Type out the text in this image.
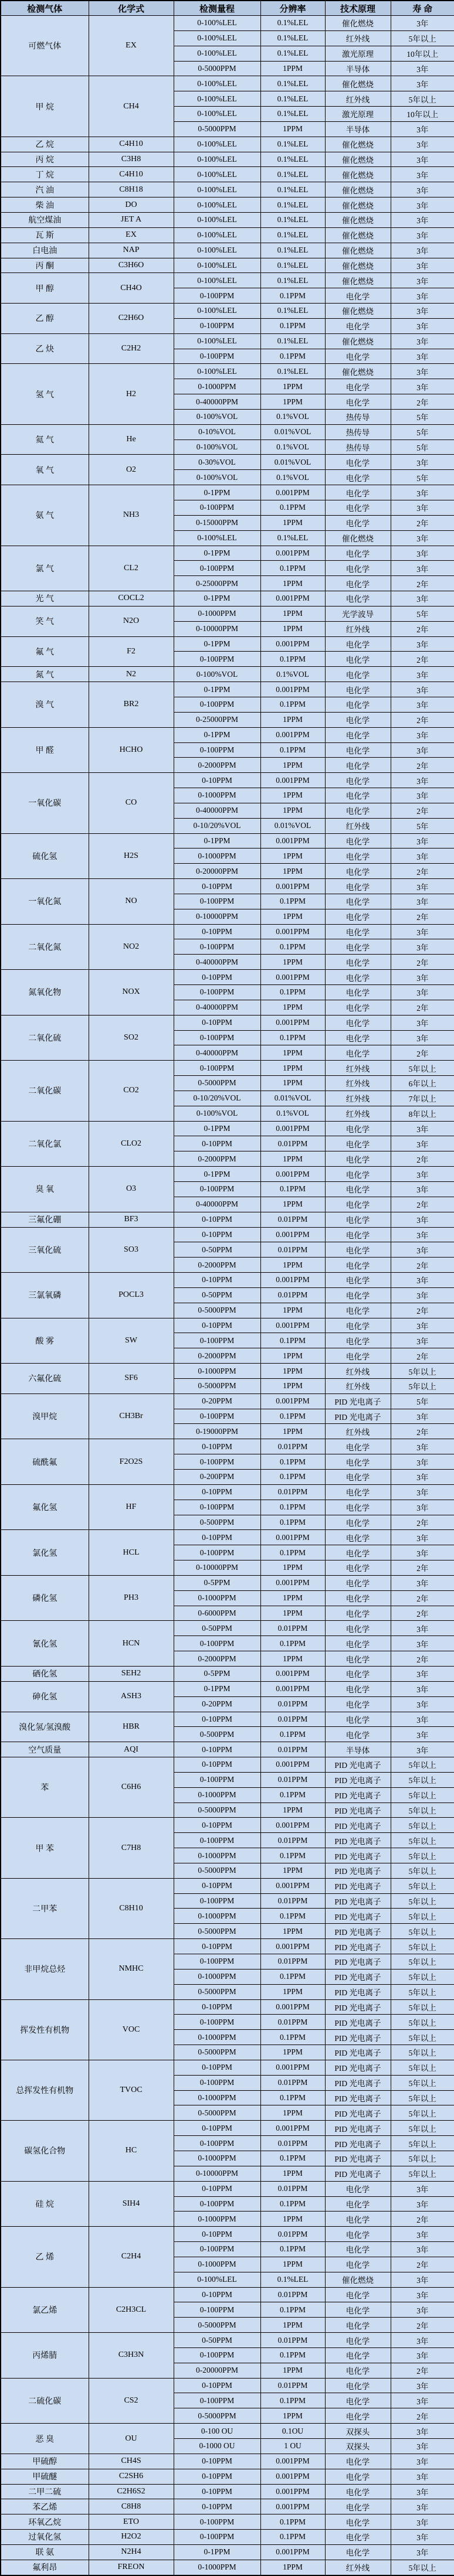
检测气体	化学式	检测量程	分辨率	技术原理	寿 命
可燃气体	EX	0-100%LEL	0.1%LEL	催化燃烧	3年
		0-100%LEL	0.1%LEL	红外线	5年以上
		0-100%LEL	0.1%LEL	激光原理	10年以上
		0-5000PPM	1PPM	半导体	3年
甲 烷	CH4	0-100%LEL	0.1%LEL	催化燃烧	3年
		0-100%LEL	0.1%LEL	红外线	5年以上
		0-100%LEL	0.1%LEL	激光原理	10年以上
		0-5000PPM	1PPM	半导体	3年
乙 烷	C4H10	0-100%LEL	0.1%LEL	催化燃烧	3年
丙 烷	C3H8	0-100%LEL	0.1%LEL	催化燃烧	3年
丁 烷	C4H10	0-100%LEL	0.1%LEL	催化燃烧	3年
汽 油	C8H18	0-100%LEL	0.1%LEL	催化燃烧	3年
柴 油	DO	0-100%LEL	0.1%LEL	催化燃烧	3年
航空煤油	JET A	0-100%LEL	0.1%LEL	催化燃烧	3年
瓦 斯	EX	0-100%LEL	0.1%LEL	催化燃烧	3年
白电油	NAP	0-100%LEL	0.1%LEL	催化燃烧	3年
丙 酮	C3H6O	0-100%LEL	0.1%LEL	催化燃烧	3年
甲 醇	CH4O	0-100%LEL	0.1%LEL	催化燃烧	3年
		0-100PPM	0.1PPM	电化学	3年
乙 醇	C2H6O	0-100%LEL	0.1%LEL	催化燃烧	3年
		0-100PPM	0.1PPM	电化学	3年
乙 炔	C2H2	0-100%LEL	0.1%LEL	催化燃烧	3年
		0-100PPM	0.1PPM	电化学	3年
氢 气	H2	0-100%LEL	0.1%LEL	催化燃烧	3年
		0-1000PPM	1PPM	电化学	3年
		0-40000PPM	1PPM	电化学	2年
		0-100%VOL	0.1%VOL	热传导	5年
氦 气	He	0-10%VOL	0.01%VOL	热传导	5年
		0-100%VOL	0.1%VOL	热传导	5年
氧 气	O2	0-30%VOL	0.01%VOL	电化学	3年
		0-100%VOL	0.1%VOL	电化学	5年
氨 气	NH3	0-1PPM	0.001PPM	电化学	3年
		0-100PPM	0.1PPM	电化学	3年
		0-15000PPM	1PPM	电化学	2年
		0-100%LEL	0.1%LEL	催化燃烧	3年
氯 气	CL2	0-1PPM	0.001PPM	电化学	3年
		0-100PPM	0.1PPM	电化学	3年
		0-25000PPM	1PPM	电化学	2年
光 气	COCL2	0-1PPM	0.001PPM	电化学	3年
笑 气	N2O	0-1000PPM	1PPM	光学波导	5年
		0-10000PPM	1PPM	红外线	2年
氟 气	F2	0-1PPM	0.001PPM	电化学	3年
		0-100PPM	0.1PPM	电化学	2年
氮 气	N2	0-100%VOL	0.1%VOL	电化学	3年
溴 气	BR2	0-1PPM	0.001PPM	电化学	3年
		0-100PPM	0.1PPM	电化学	3年
		0-25000PPM	1PPM	电化学	2年
甲 醛	HCHO	0-1PPM	0.001PPM	电化学	3年
		0-100PPM	0.1PPM	电化学	3年
		0-2000PPM	1PPM	电化学	2年
一氧化碳	CO	0-10PPM	0.001PPM	电化学	3年
		0-1000PPM	1PPM	电化学	3年
		0-40000PPM	1PPM	电化学	2年
		0-10/20%VOL	0.01%VOL	红外线	5年
硫化氢	H2S	0-1PPM	0.001PPM	电化学	3年
		0-1000PPM	1PPM	电化学	3年
		0-20000PPM	1PPM	电化学	2年
一氧化氮	NO	0-10PPM	0.001PPM	电化学	3年
		0-100PPM	0.1PPM	电化学	3年
		0-10000PPM	1PPM	电化学	2年
二氧化氮	NO2	0-10PPM	0.001PPM	电化学	3年
		0-100PPM	0.1PPM	电化学	3年
		0-40000PPM	1PPM	电化学	2年
氮氧化物	NOX	0-10PPM	0.001PPM	电化学	3年
		0-100PPM	0.1PPM	电化学	3年
		0-40000PPM	1PPM	电化学	2年
二氧化硫	SO2	0-10PPM	0.001PPM	电化学	3年
		0-100PPM	0.1PPM	电化学	3年
		0-40000PPM	1PPM	电化学	2年
二氧化碳	CO2	0-100PPM	1PPM	红外线	5年以上
		0-5000PPM	1PPM	红外线	6年以上
		0-10/20%VOL	0.01%VOL	红外线	7年以上
		0-100%VOL	0.1%VOL	红外线	8年以上
二氧化氯	CLO2	0-1PPM	0.001PPM	电化学	3年
		0-10PPM	0.01PPM	电化学	3年
		0-2000PPM	1PPM	电化学	2年
臭 氧	O3	0-1PPM	0.001PPM	电化学	3年
		0-100PPM	0.1PPM	电化学	3年
		0-40000PPM	1PPM	电化学	2年
三氟化硼	BF3	0-10PPM	0.01PPM	电化学	3年
三氧化硫	SO3	0-10PPM	0.001PPM	电化学	3年
		0-50PPM	0.01PPM	电化学	3年
		0-2000PPM	1PPM	电化学	2年
三氯氧磷	POCL3	0-10PPM	0.001PPM	电化学	3年
		0-50PPM	0.01PPM	电化学	3年
		0-5000PPM	1PPM	电化学	2年
酸 雾	SW	0-10PPM	0.001PPM	电化学	3年
		0-100PPM	0.1PPM	电化学	3年
		0-2000PPM	1PPM	电化学	2年
六氟化硫	SF6	0-1000PPM	1PPM	红外线	5年以上
		0-5000PPM	1PPM	红外线	5年以上
溴甲烷	CH3Br	0-20PPM	0.001PPM	PID 光电离子	5年
		0-100PPM	0.1PPM	PID 光电离子	3年
		0-19000PPM	1PPM	红外线	2年
硫酰氟	F2O2S	0-10PPM	0.01PPM	电化学	3年
		0-100PPM	0.1PPM	电化学	3年
		0-200PPM	0.1PPM	电化学	3年
氟化氢	HF	0-10PPM	0.01PPM	电化学	3年
		0-100PPM	0.1PPM	电化学	3年
		0-500PPM	0.1PPM	电化学	2年
氯化氢	HCL	0-10PPM	0.001PPM	电化学	3年
		0-100PPM	0.1PPM	电化学	3年
		0-10000PPM	1PPM	电化学	2年
磷化氢	PH3	0-5PPM	0.001PPM	电化学	3年
		0-1000PPM	1PPM	电化学	2年
		0-6000PPM	1PPM	电化学	2年
氰化氢	HCN	0-50PPM	0.01PPM	电化学	3年
		0-100PPM	0.1PPM	电化学	3年
		0-2000PPM	1PPM	电化学	2年
硒化氢	SEH2	0-5PPM	0.001PPM	电化学	3年
砷化氢	ASH3	0-1PPM	0.001PPM	电化学	3年
		0-20PPM	0.01PPM	电化学	3年
溴化氢/氢溴酸	HBR	0-10PPM	0.01PPM	电化学	3年
		0-500PPM	0.1PPM	电化学	3年
空气质量	AQI	0-10PPM	0.01PPM	半导体	3年
苯	C6H6	0-10PPM	0.001PPM	PID 光电离子	5年以上
		0-100PPM	0.01PPM	PID 光电离子	5年以上
		0-1000PPM	0.1PPM	PID 光电离子	5年以上
		0-5000PPM	1PPM	PID 光电离子	5年以上
甲 苯	C7H8	0-10PPM	0.001PPM	PID 光电离子	5年以上
		0-100PPM	0.01PPM	PID 光电离子	5年以上
		0-1000PPM	0.1PPM	PID 光电离子	5年以上
		0-5000PPM	1PPM	PID 光电离子	5年以上
二甲苯	C8H10	0-10PPM	0.001PPM	PID 光电离子	5年以上
		0-100PPM	0.01PPM	PID 光电离子	5年以上
		0-1000PPM	0.1PPM	PID 光电离子	5年以上
		0-5000PPM	1PPM	PID 光电离子	5年以上
非甲烷总烃	NMHC	0-10PPM	0.001PPM	PID 光电离子	5年以上
		0-100PPM	0.01PPM	PID 光电离子	5年以上
		0-1000PPM	0.1PPM	PID 光电离子	5年以上
		0-5000PPM	1PPM	PID 光电离子	5年以上
挥发性有机物	VOC	0-10PPM	0.001PPM	PID 光电离子	5年以上
		0-100PPM	0.01PPM	PID 光电离子	5年以上
		0-1000PPM	0.1PPM	PID 光电离子	5年以上
		0-5000PPM	1PPM	PID 光电离子	5年以上
总挥发性有机物	TVOC	0-10PPM	0.001PPM	PID 光电离子	5年以上
		0-100PPM	0.01PPM	PID 光电离子	5年以上
		0-1000PPM	0.1PPM	PID 光电离子	5年以上
		0-5000PPM	1PPM	PID 光电离子	5年以上
碳氢化合物	HC	0-10PPM	0.001PPM	PID 光电离子	5年以上
		0-100PPM	0.01PPM	PID 光电离子	5年以上
		0-1000PPM	0.1PPM	PID 光电离子	5年以上
		0-10000PPM	1PPM	PID 光电离子	5年以上
硅 烷	SIH4	0-10PPM	0.01PPM	电化学	3年
		0-100PPM	0.1PPM	电化学	3年
		0-1000PPM	1PPM	电化学	2年
乙 烯	C2H4	0-10PPM	0.01PPM	电化学	3年
		0-100PPM	0.1PPM	电化学	3年
		0-1000PPM	1PPM	电化学	2年
		0-100%LEL	0.1%LEL	催化燃烧	3年
氯乙烯	C2H3CL	0-10PPM	0.01PPM	电化学	3年
		0-100PPM	0.1PPM	电化学	3年
		0-5000PPM	1PPM	电化学	2年
丙烯腈	C3H3N	0-50PPM	0.01PPM	电化学	3年
		0-100PPM	0.1PPM	电化学	3年
		0-20000PPM	1PPM	电化学	2年
二硫化碳	CS2	0-10PPM	0.01PPM	电化学	3年
		0-100PPM	0.1PPM	电化学	3年
		0-5000PPM	1PPM	电化学	2年
恶 臭	OU	0-100 OU	0.1OU	双探头	3年
		0-1000 OU	1 OU	双探头	3年
甲硫醇	CH4S	0-10PPM	0.001PPM	电化学	3年
甲硫醚	C2SH6	0-10PPM	0.001PPM	电化学	3年
二甲二硫	C2H6S2	0-10PPM	0.001PPM	电化学	3年
苯乙烯	C8H8	0-10PPM	0.001PPM	电化学	3年
环氧乙烷	ETO	0-100PPM	0.1PPM	电化学	3年
过氧化氢	H2O2	0-100PPM	0.1PPM	电化学	3年
联 氨	N2H4	0-1PPM	0.001PPM	电化学	3年
氟利昂	FREON	0-1000PPM	1PPM	红外线	5年以上
